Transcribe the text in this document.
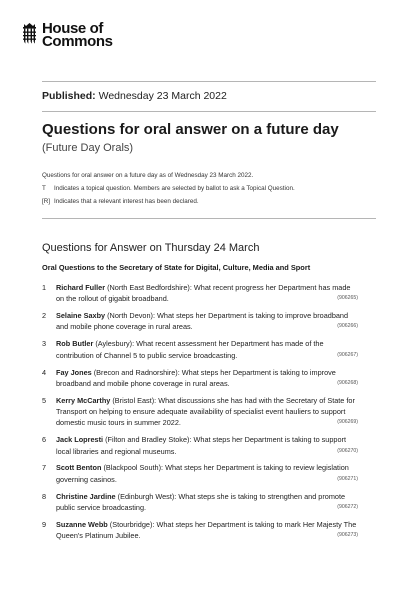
House of
Commons
Published: Wednesday 23 March 2022
Questions for oral answer on a future day
(Future Day Orals)
Questions for oral answer on a future day as of Wednesday 23 March 2022.
T	Indicates a topical question. Members are selected by ballot to ask a Topical Question.
[R] Indicates that a relevant interest has been declared.
Questions for Answer on Thursday 24 March
Oral Questions to the Secretary of State for Digital, Culture, Media and Sport
1	Richard Fuller (North East Bedfordshire): What recent progress her Department has made on the rollout of gigabit broadband.	(906265)
2	Selaine Saxby (North Devon): What steps her Department is taking to improve broadband and mobile phone coverage in rural areas.	(906266)
3	Rob Butler (Aylesbury): What recent assessment her Department has made of the contribution of Channel 5 to public service broadcasting.	(906267)
4	Fay Jones (Brecon and Radnorshire): What steps her Department is taking to improve broadband and mobile phone coverage in rural areas.	(906268)
5	Kerry McCarthy (Bristol East): What discussions she has had with the Secretary of State for Transport on helping to ensure adequate availability of specialist event hauliers to support domestic music tours in summer 2022.	(906269)
6	Jack Lopresti (Filton and Bradley Stoke): What steps her Department is taking to support local libraries and regional museums.	(906270)
7	Scott Benton (Blackpool South): What steps her Department is taking to review legislation governing casinos.	(906271)
8	Christine Jardine (Edinburgh West): What steps she is taking to strengthen and promote public service broadcasting.	(906272)
9	Suzanne Webb (Stourbridge): What steps her Department is taking to mark Her Majesty The Queen's Platinum Jubilee.	(906273)
